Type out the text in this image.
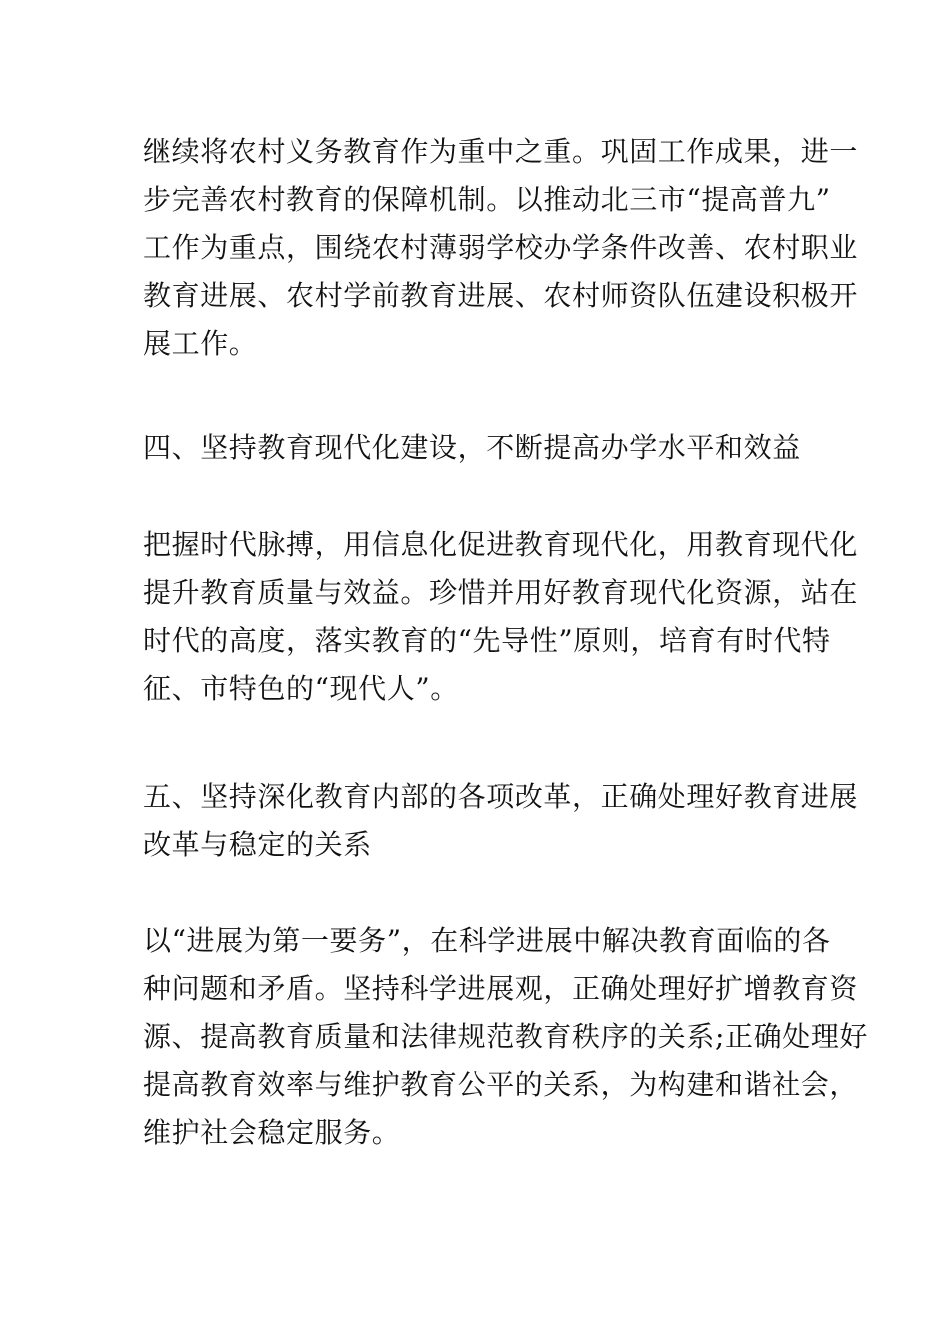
继续将农村义务教育作为重中之重。巩固工作成果，进一
步完善农村教育的保障机制。以推动北三市“提高普九”
工作为重点，围绕农村薄弱学校办学条件改善、农村职业
教育进展、农村学前教育进展、农村师资队伍建设积极开
展工作。
四、坚持教育现代化建设，不断提高办学水平和效益
把握时代脉搏，用信息化促进教育现代化，用教育现代化
提升教育质量与效益。珍惜并用好教育现代化资源，站在
时代的高度，落实教育的“先导性”原则，培育有时代特
征、市特色的“现代人”。
五、坚持深化教育内部的各项改革，正确处理好教育进展
改革与稳定的关系
以“进展为第一要务”，在科学进展中解决教育面临的各
种问题和矛盾。坚持科学进展观，正确处理好扩增教育资
源、提高教育质量和法律规范教育秩序的关系;正确处理好
提高教育效率与维护教育公平的关系，为构建和谐社会，
维护社会稳定服务。
